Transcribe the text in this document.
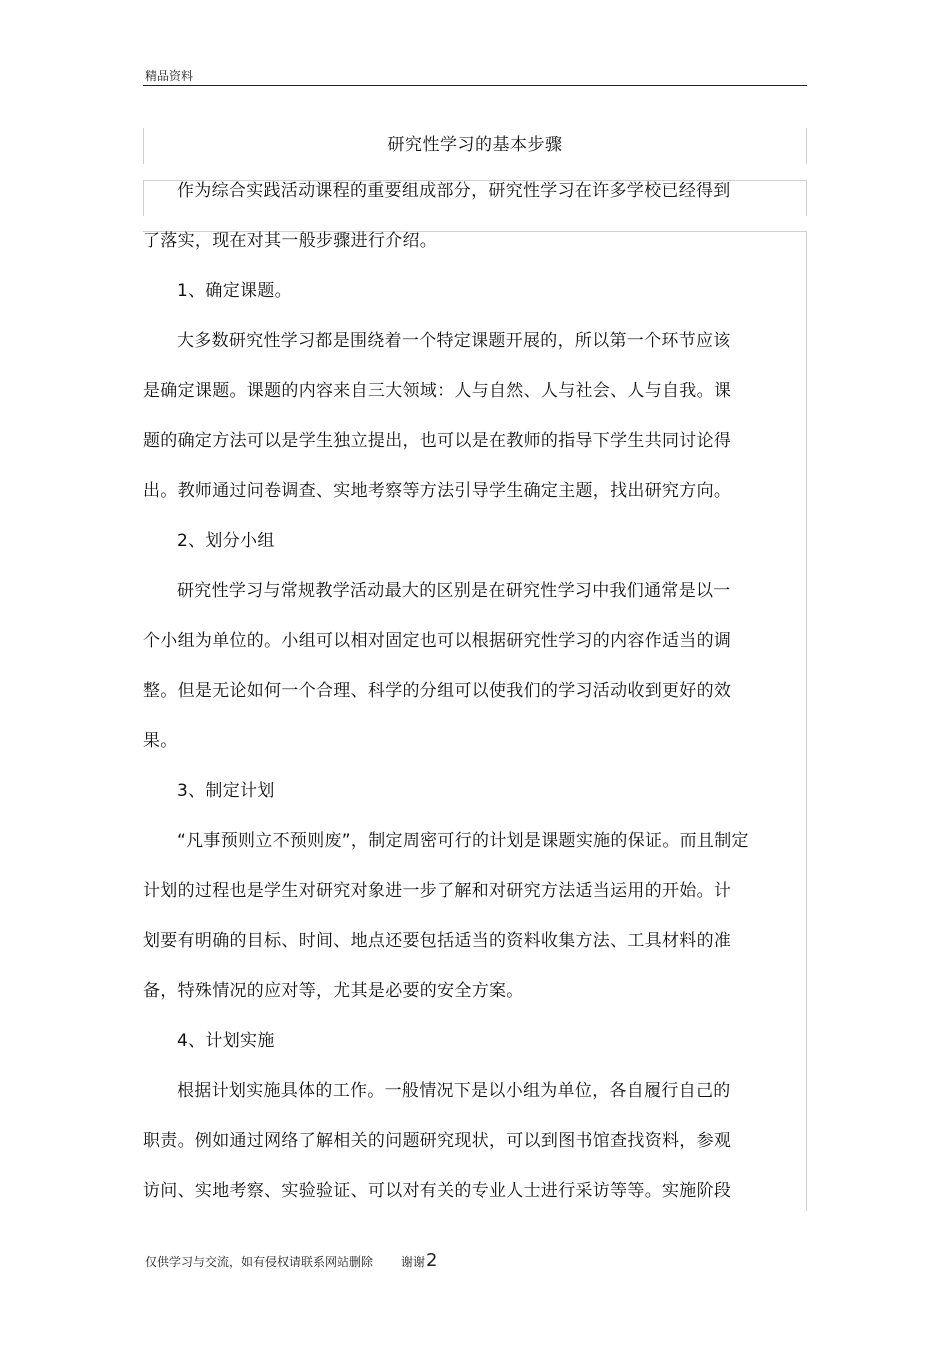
精品资料
研究性学习的基本步骤
作为综合实践活动课程的重要组成部分，研究性学习在许多学校已经得到
了落实，现在对其一般步骤进行介绍。
1、确定课题。
大多数研究性学习都是围绕着一个特定课题开展的，所以第一个环节应该
是确定课题。课题的内容来自三大领域：人与自然、人与社会、人与自我。课
题的确定方法可以是学生独立提出，也可以是在教师的指导下学生共同讨论得
出。教师通过问卷调查、实地考察等方法引导学生确定主题，找出研究方向。
2、划分小组
研究性学习与常规教学活动最大的区别是在研究性学习中我们通常是以一
个小组为单位的。小组可以相对固定也可以根据研究性学习的内容作适当的调
整。但是无论如何一个合理、科学的分组可以使我们的学习活动收到更好的效
果。
3、制定计划
“凡事预则立不预则废”，制定周密可行的计划是课题实施的保证。而且制定
计划的过程也是学生对研究对象进一步了解和对研究方法适当运用的开始。计
划要有明确的目标、时间、地点还要包括适当的资料收集方法、工具材料的准
备，特殊情况的应对等，尤其是必要的安全方案。
4、计划实施
根据计划实施具体的工作。一般情况下是以小组为单位，各自履行自己的
职责。例如通过网络了解相关的问题研究现状，可以到图书馆查找资料，参观
访问、实地考察、实验验证、可以对有关的专业人士进行采访等等。实施阶段
仅供学习与交流，如有侵权请联系网站删除 谢谢2
